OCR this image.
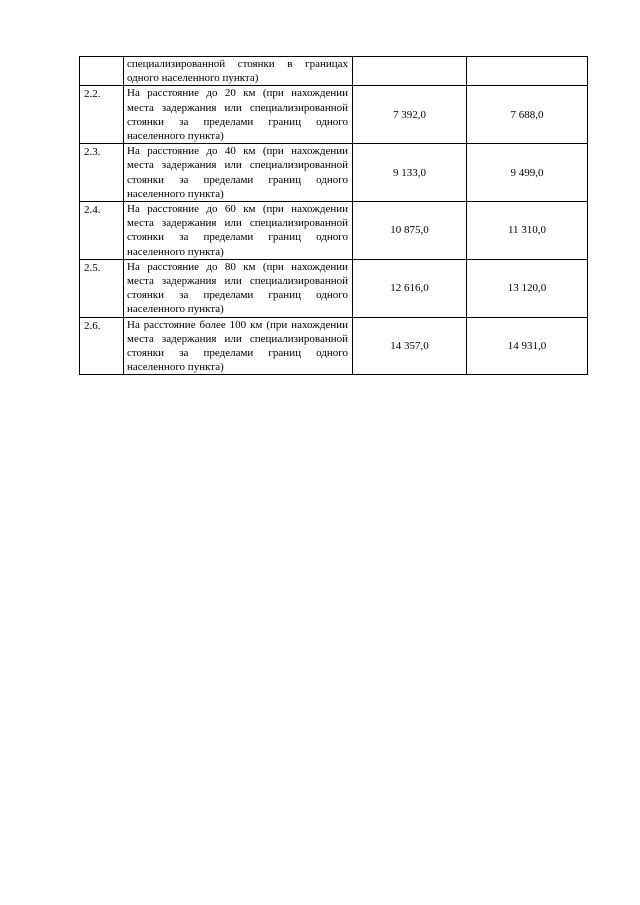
	специализированной стоянки в границах одного населенного пункта)		
2.2.	На расстояние до 20 км (при нахождении места задержания или специализированной стоянки за пределами границ одного населенного пункта)	7 392,0	7 688,0
2.3.	На расстояние до 40 км (при нахождении места задержания или специализированной стоянки за пределами границ одного населенного пункта)	9 133,0	9 499,0
2.4.	На расстояние до 60 км (при нахождении места задержания или специализированной стоянки за пределами границ одного населенного пункта)	10 875,0	11 310,0
2.5.	На расстояние до 80 км (при нахождении места задержания или специализированной стоянки за пределами границ одного населенного пункта)	12 616,0	13 120,0
2.6.	На расстояние более 100 км (при нахождении места задержания или специализированной стоянки за пределами границ одного населенного пункта)	14 357,0	14 931,0
